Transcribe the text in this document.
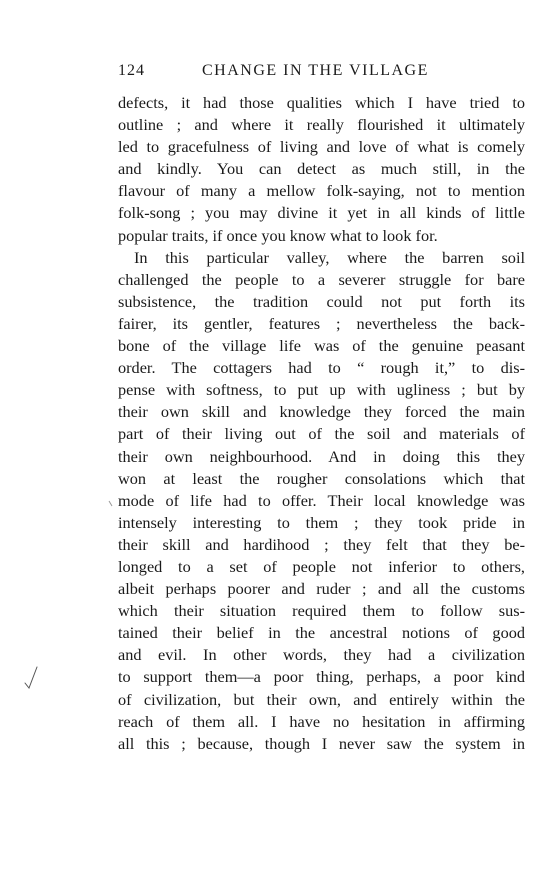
124	CHANGE IN THE VILLAGE
defects, it had those qualities which I have tried to
outline ; and where it really flourished it ultimately
led to gracefulness of living and love of what is comely
and kindly. You can detect as much still, in the
flavour of many a mellow folk-saying, not to mention
folk-song ; you may divine it yet in all kinds of little
popular traits, if once you know what to look for.
In this particular valley, where the barren soil
challenged the people to a severer struggle for bare
subsistence, the tradition could not put forth its
fairer, its gentler, features ; nevertheless the back-
bone of the village life was of the genuine peasant
order. The cottagers had to “ rough it,” to dis-
pense with softness, to put up with ugliness ; but by
their own skill and knowledge they forced the main
part of their living out of the soil and materials of
their own neighbourhood. And in doing this they
won at least the rougher consolations which that
mode of life had to offer. Their local knowledge was
intensely interesting to them ; they took pride in
their skill and hardihood ; they felt that they be-
longed to a set of people not inferior to others,
albeit perhaps poorer and ruder ; and all the customs
which their situation required them to follow sus-
tained their belief in the ancestral notions of good
and evil. In other words, they had a civilization
to support them—a poor thing, perhaps, a poor kind
of civilization, but their own, and entirely within the
reach of them all. I have no hesitation in affirming
all this ; because, though I never saw the system in
